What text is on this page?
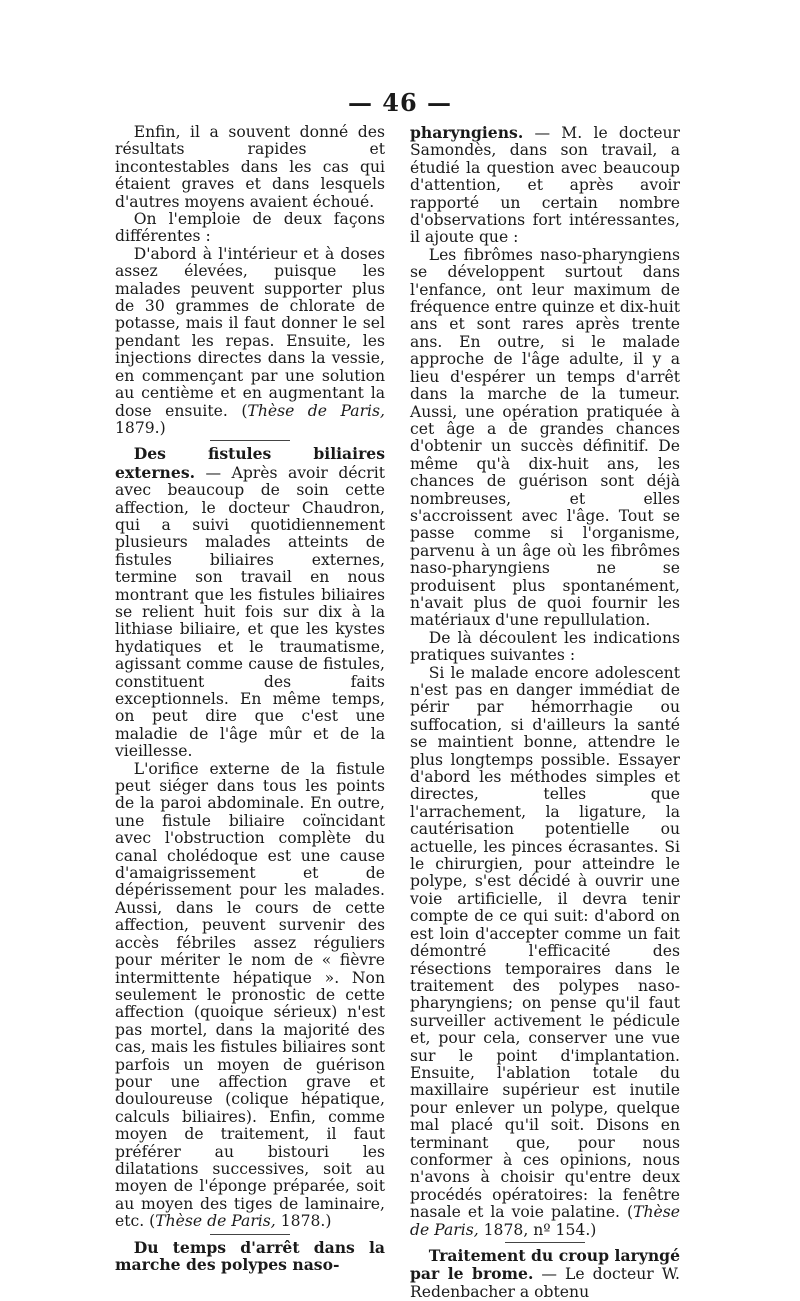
— 46 —

Enfin, il a souvent donné des résultats rapides et incontestables dans les cas qui étaient graves et dans lesquels d'autres moyens avaient échoué.

On l'emploie de deux façons différentes :

D'abord à l'intérieur et à doses assez élevées, puisque les malades peuvent supporter plus de 30 grammes de chlorate de potasse, mais il faut donner le sel pendant les repas. Ensuite, les injections directes dans la vessie, en commençant par une solution au centième et en augmentant la dose ensuite. (Thèse de Paris, 1879.)

Des fistules biliaires externes. — Après avoir décrit avec beaucoup de soin cette affection, le docteur Chaudron, qui a suivi quotidiennement plusieurs malades atteints de fistules biliaires externes, termine son travail en nous montrant que les fistules biliaires se relient huit fois sur dix à la lithiase biliaire, et que les kystes hydatiques et le traumatisme, agissant comme cause de fistules, constituent des faits exceptionnels. En même temps, on peut dire que c'est une maladie de l'âge mûr et de la vieillesse.

L'orifice externe de la fistule peut siéger dans tous les points de la paroi abdominale. En outre, une fistule biliaire coïncidant avec l'obstruction complète du canal cholédoque est une cause d'amaigrissement et de dépérissement pour les malades. Aussi, dans le cours de cette affection, peuvent survenir des accès fébriles assez réguliers pour mériter le nom de « fièvre intermittente hépatique ». Non seulement le pronostic de cette affection (quoique sérieux) n'est pas mortel, dans la majorité des cas, mais les fistules biliaires sont parfois un moyen de guérison pour une affection grave et douloureuse (colique hépatique, calculs biliaires). Enfin, comme moyen de traitement, il faut préférer au bistouri les dilatations successives, soit au moyen de l'éponge préparée, soit au moyen des tiges de laminaire, etc. (Thèse de Paris, 1878.)

Du temps d'arrêt dans la marche des polypes naso-

pharyngiens. — M. le docteur Samondès, dans son travail, a étudié la question avec beaucoup d'attention, et après avoir rapporté un certain nombre d'observations fort intéressantes, il ajoute que :

Les fibrômes naso-pharyngiens se développent surtout dans l'enfance, ont leur maximum de fréquence entre quinze et dix-huit ans et sont rares après trente ans. En outre, si le malade approche de l'âge adulte, il y a lieu d'espérer un temps d'arrêt dans la marche de la tumeur. Aussi, une opération pratiquée à cet âge a de grandes chances d'obtenir un succès définitif. De même qu'à dix-huit ans, les chances de guérison sont déjà nombreuses, et elles s'accroissent avec l'âge. Tout se passe comme si l'organisme, parvenu à un âge où les fibrômes naso-pharyngiens ne se produisent plus spontanément, n'avait plus de quoi fournir les matériaux d'une repullulation.

De là découlent les indications pratiques suivantes :

Si le malade encore adolescent n'est pas en danger immédiat de périr par hémorrhagie ou suffocation, si d'ailleurs la santé se maintient bonne, attendre le plus longtemps possible. Essayer d'abord les méthodes simples et directes, telles que l'arrachement, la ligature, la cautérisation potentielle ou actuelle, les pinces écrasantes. Si le chirurgien, pour atteindre le polype, s'est décidé à ouvrir une voie artificielle, il devra tenir compte de ce qui suit: d'abord on est loin d'accepter comme un fait démontré l'efficacité des résections temporaires dans le traitement des polypes naso-pharyngiens; on pense qu'il faut surveiller activement le pédicule et, pour cela, conserver une vue sur le point d'implantation. Ensuite, l'ablation totale du maxillaire supérieur est inutile pour enlever un polype, quelque mal placé qu'il soit. Disons en terminant que, pour nous conformer à ces opinions, nous n'avons à choisir qu'entre deux procédés opératoires: la fenêtre nasale et la voie palatine. (Thèse de Paris, 1878, nº 154.)

Traitement du croup laryngé par le brome. — Le docteur W. Redenbacher a obtenu
